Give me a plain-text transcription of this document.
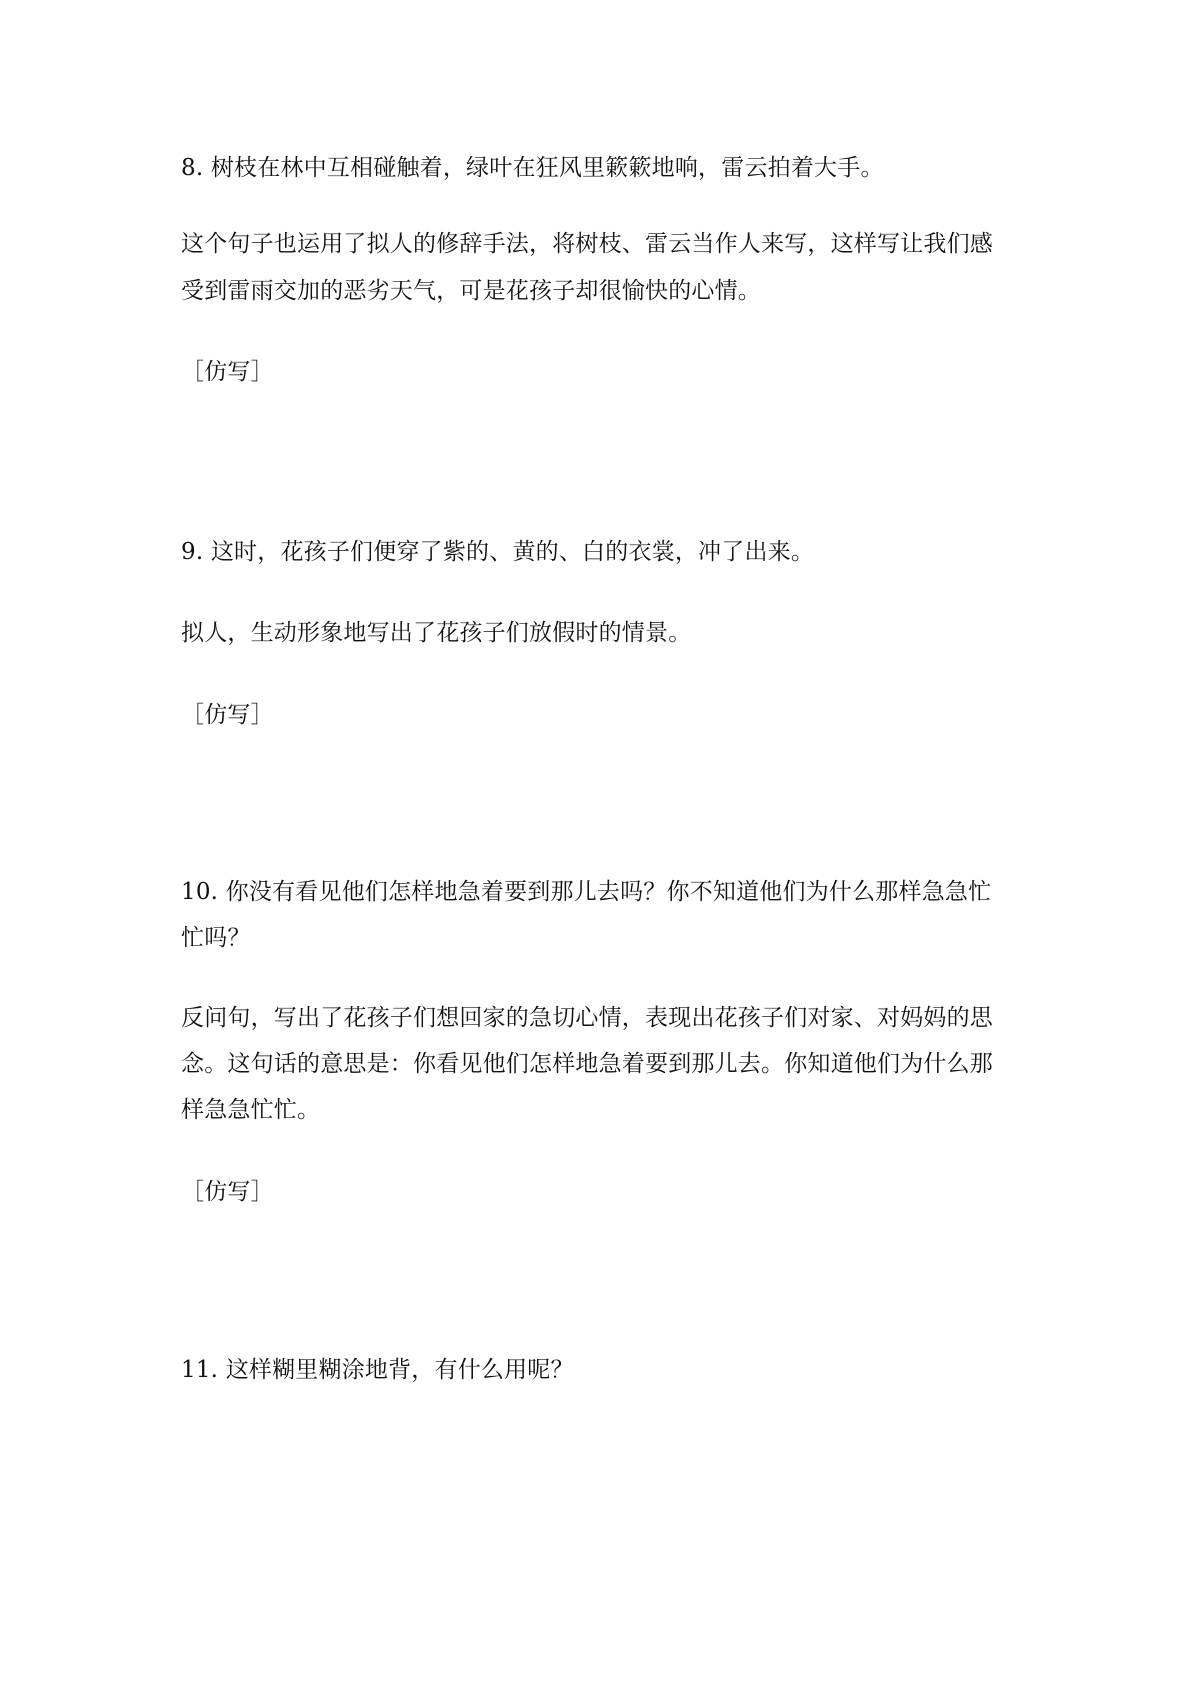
8. 树枝在林中互相碰触着，绿叶在狂风里簌簌地响，雷云拍着大手。
这个句子也运用了拟人的修辞手法，将树枝、雷云当作人来写，这样写让我们感
受到雷雨交加的恶劣天气，可是花孩子却很愉快的心情。
［仿写］
9. 这时，花孩子们便穿了紫的、黄的、白的衣裳，冲了出来。
拟人，生动形象地写出了花孩子们放假时的情景。
［仿写］
10. 你没有看见他们怎样地急着要到那儿去吗？你不知道他们为什么那样急急忙
忙吗？
反问句，写出了花孩子们想回家的急切心情，表现出花孩子们对家、对妈妈的思
念。这句话的意思是：你看见他们怎样地急着要到那儿去。你知道他们为什么那
样急急忙忙。
［仿写］
11. 这样糊里糊涂地背，有什么用呢？
